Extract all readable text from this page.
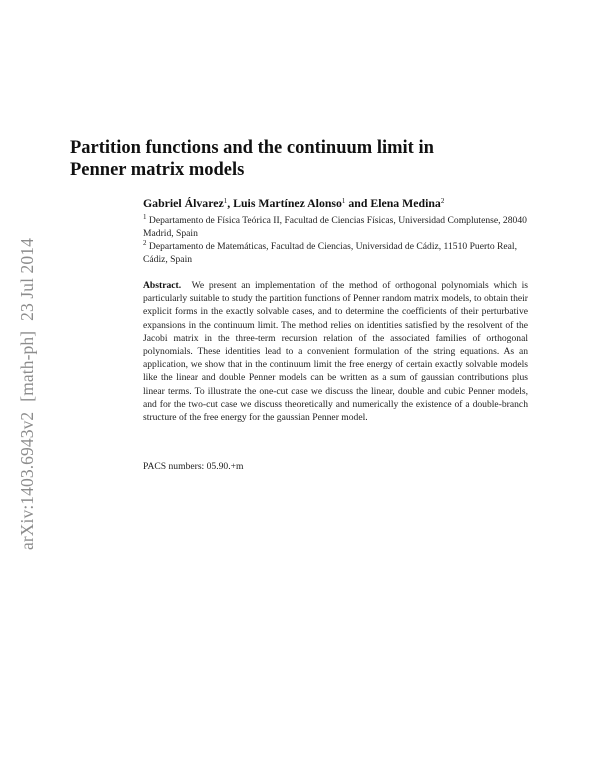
arXiv:1403.6943v2[math-ph]23 Jul 2014
Partition functions and the continuum limit in
Penner matrix models
Gabriel Álvarez$^1$, Luis Martínez Alonso$^1$ and Elena Medina$^2$

$^1$ Departamento de Física Teórica II, Facultad de Ciencias Físicas, Universidad Complutense, 28040 Madrid, Spain

$^2$ Departamento de Matemáticas, Facultad de Ciencias, Universidad de Cádiz, 11510 Puerto Real, Cádiz, Spain

Abstract. We present an implementation of the method of orthogonal polynomials which is particularly suitable to study the partition functions of Penner random matrix models, to obtain their explicit forms in the exactly solvable cases, and to determine the coefficients of their perturbative expansions in the continuum limit. The method relies on identities satisfied by the resolvent of the Jacobi matrix in the three-term recursion relation of the associated families of orthogonal polynomials. These identities lead to a convenient formulation of the string equations. As an application, we show that in the continuum limit the free energy of certain exactly solvable models like the linear and double Penner models can be written as a sum of gaussian contributions plus linear terms. To illustrate the one-cut case we discuss the linear, double and cubic Penner models, and for the two-cut case we discuss theoretically and numerically the existence of a double-branch structure of the free energy for the gaussian Penner model.

PACS numbers: 05.90.+m
